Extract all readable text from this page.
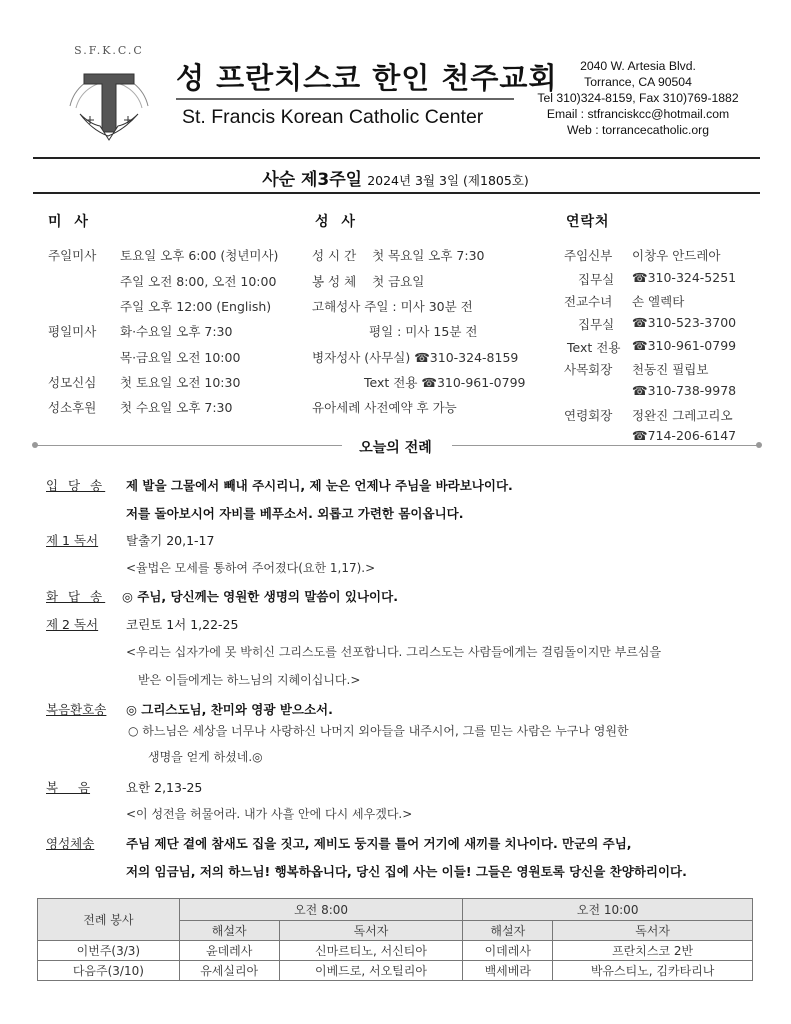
S.F.K.C.C
성 프란치스코 한인 천주교회
St. Francis Korean Catholic Center
2040 W. Artesia Blvd.
Torrance, CA 90504
Tel 310)324-8159, Fax 310)769-1882
Email : stfranciskcc@hotmail.com
Web : torrancecatholic.org
사순 제3주일 2024년 3월 3일 (제1805호)
미 사
주일미사 토요일 오후 6:00 (청년미사)
주일 오전 8:00, 오전 10:00
주일 오후 12:00 (English)
평일미사 화·수요일 오후 7:30
목·금요일 오전 10:00
성모신심 첫 토요일 오전 10:30
성소후원 첫 수요일 오후 7:30
성 사
성 시 간    첫 목요일 오후 7:30
봉 성 체    첫 금요일
고해성사 주일 : 미사 30분 전
평일 : 미사 15분 전
병자성사 (사무실) ☎310-324-8159
Text 전용 ☎310-961-0799
유아세례 사전예약 후 가능
연락처
주임신부 이창우 안드레아
집무실 ☎310-324-5251
전교수녀 손 엘렉타
집무실 ☎310-523-3700
Text 전용 ☎310-961-0799
사목회장 천동진 필립보
☎310-738-9978
연령회장 정완진 그레고리오
☎714-206-6147
오늘의 전례
입 당 송 제 발을 그물에서 빼내 주시리니, 제 눈은 언제나 주님을 바라보나이다.
저를 돌아보시어 자비를 베푸소서. 외롭고 가련한 몸이옵니다.
제 1 독서 탈출기 20,1-17
<율법은 모세를 통하여 주어졌다(요한 1,17).>
화 답 송 ◎ 주님, 당신께는 영원한 생명의 말씀이 있나이다.
제 2 독서 코린토 1서 1,22-25
<우리는 십자가에 못 박히신 그리스도를 선포합니다. 그리스도는 사람들에게는 걸림돌이지만 부르심을
받은 이들에게는 하느님의 지혜이십니다.>
복음환호송 ◎ 그리스도님, 찬미와 영광 받으소서.
○ 하느님은 세상을 너무나 사랑하신 나머지 외아들을 내주시어, 그를 믿는 사람은 누구나 영원한
생명을 얻게 하셨네.◎
복     음	요한 2,13-25
<이 성전을 허물어라. 내가 사흘 안에 다시 세우겠다.>
영성체송	주님 제단 곁에 참새도 집을 짓고, 제비도 둥지를 틀어 거기에 새끼를 치나이다. 만군의 주님,
저의 임금님, 저의 하느님! 행복하옵니다, 당신 집에 사는 이들! 그들은 영원토록 당신을 찬양하리이다.
전례 봉사	오전 8:00		오전 10:00	
	해설자	독서자	해설자	독서자
이번주(3/3)	윤데레사	신마르티노, 서신티아	이데레사	프란치스코 2반
다음주(3/10)	유세실리아	이베드로, 서오틸리아	백세베라	박유스티노, 김카타리나
